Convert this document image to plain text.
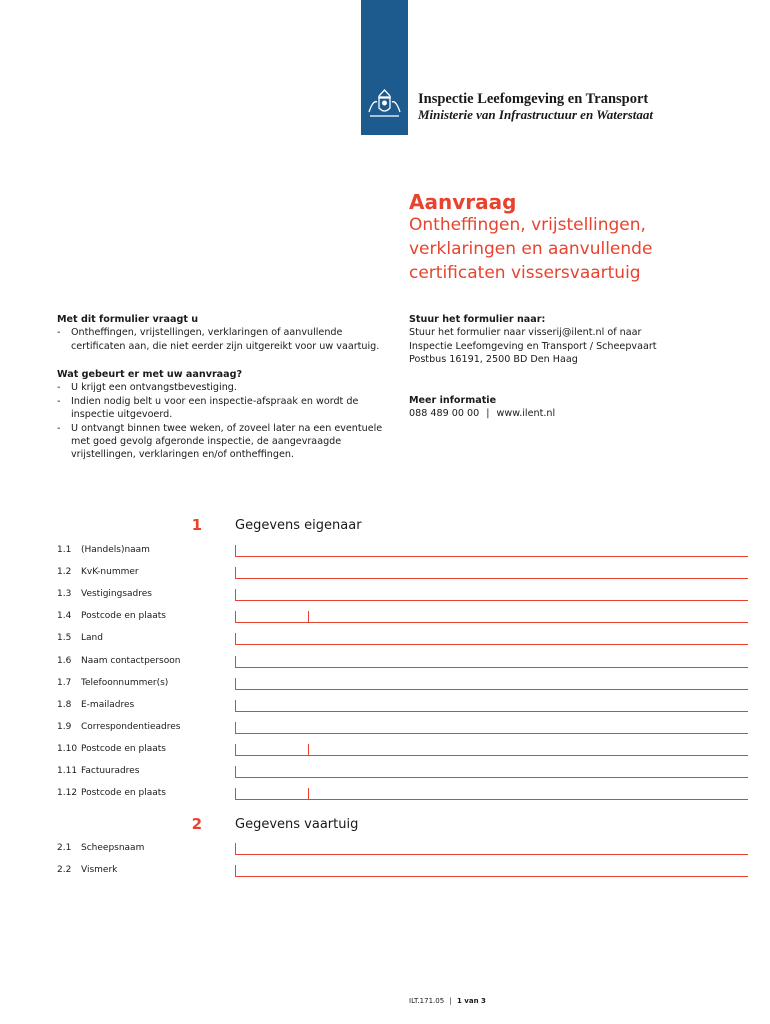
Inspectie Leefomgeving en Transport
Ministerie van Infrastructuur en Waterstaat
Aanvraag
Ontheffingen, vrijstellingen,
verklaringen en aanvullende
certificaten vissersvaartuig
Met dit formulier vraagt u
- Ontheffingen, vrijstellingen, verklaringen of aanvullende certificaten aan, die niet eerder zijn uitgereikt voor uw vaartuig.
Wat gebeurt er met uw aanvraag?
- U krijgt een ontvangstbevestiging.
- Indien nodig belt u voor een inspectie-afspraak en wordt de inspectie uitgevoerd.
- U ontvangt binnen twee weken, of zoveel later na een eventuele met goed gevolg afgeronde inspectie, de aangevraagde vrijstellingen, verklaringen en/of ontheffingen.
Stuur het formulier naar:
Stuur het formulier naar visserij@ilent.nl of naar
Inspectie Leefomgeving en Transport / Scheepvaart
Postbus 16191, 2500 BD Den Haag
Meer informatie
088 489 00 00 | www.ilent.nl
1	Gegevens eigenaar
1.1 (Handels)naam
1.2 KvK-nummer
1.3 Vestigingsadres
1.4 Postcode en plaats
1.5 Land
1.6 Naam contactpersoon
1.7 Telefoonnummer(s)
1.8 E-mailadres
1.9 Correspondentieadres
1.10 Postcode en plaats
1.11 Factuuradres
1.12 Postcode en plaats
2	Gegevens vaartuig
2.1 Scheepsnaam
2.2 Vismerk
ILT.171.05 | 1 van 3
